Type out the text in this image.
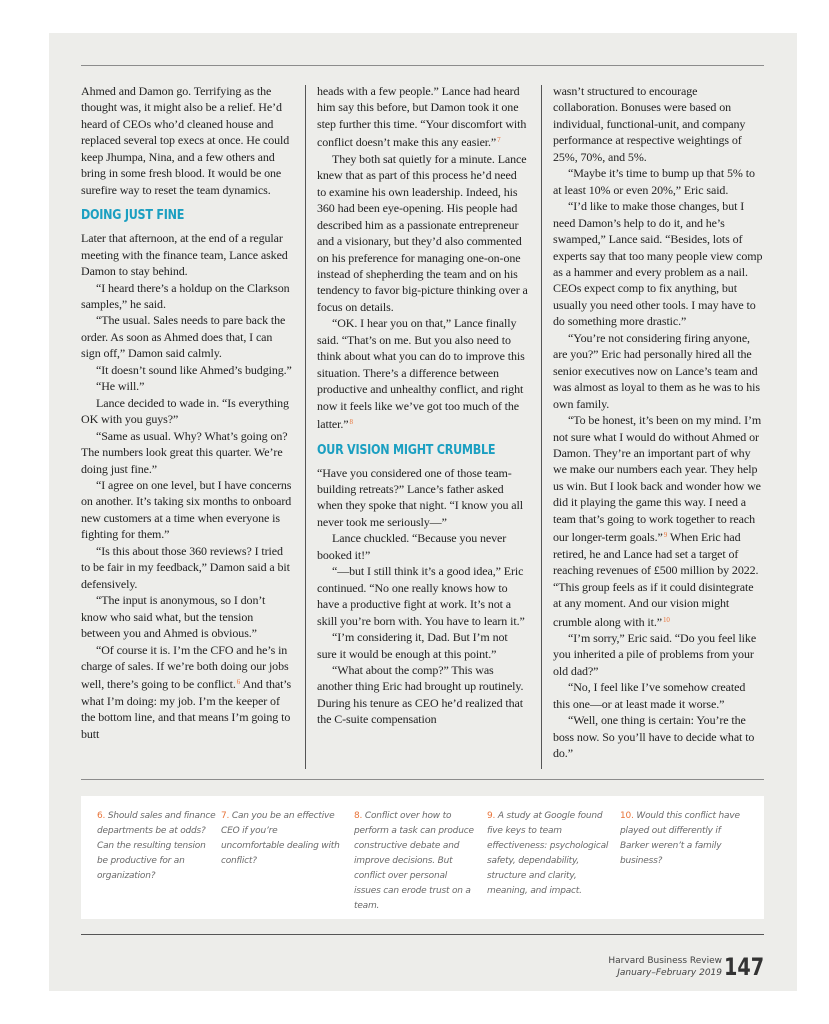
Ahmed and Damon go. Terrifying as the thought was, it might also be a relief. He’d heard of CEOs who’d cleaned house and replaced several top execs at once. He could keep Jhumpa, Nina, and a few others and bring in some fresh blood. It would be one surefire way to reset the team dynamics.

DOING JUST FINE

Later that afternoon, at the end of a regular meeting with the finance team, Lance asked Damon to stay behind.

“I heard there’s a holdup on the Clarkson samples,” he said.

“The usual. Sales needs to pare back the order. As soon as Ahmed does that, I can sign off,” Damon said calmly.

“It doesn’t sound like Ahmed’s budging.”

“He will.”

Lance decided to wade in. “Is everything OK with you guys?”

“Same as usual. Why? What’s going on? The numbers look great this quarter. We’re doing just fine.”

“I agree on one level, but I have concerns on another. It’s taking six months to onboard new customers at a time when everyone is fighting for them.”

“Is this about those 360 reviews? I tried to be fair in my feedback,” Damon said a bit defensively.

“The input is anonymous, so I don’t know who said what, but the tension between you and Ahmed is obvious.”

“Of course it is. I’m the CFO and he’s in charge of sales. If we’re both doing our jobs well, there’s going to be conflict.$^6$ And that’s what I’m doing: my job. I’m the keeper of the bottom line, and that means I’m going to butt

heads with a few people.” Lance had heard him say this before, but Damon took it one step further this time. “Your discomfort with conflict doesn’t make this any easier.”$^7$

They both sat quietly for a minute. Lance knew that as part of this process he’d need to examine his own leadership. Indeed, his 360 had been eye-opening. His people had described him as a passionate entrepreneur and a visionary, but they’d also commented on his preference for managing one-on-one instead of shepherding the team and on his tendency to favor big-picture thinking over a focus on details.

“OK. I hear you on that,” Lance finally said. “That’s on me. But you also need to think about what you can do to improve this situation. There’s a difference between productive and unhealthy conflict, and right now it feels like we’ve got too much of the latter.”$^8$

OUR VISION MIGHT CRUMBLE

“Have you considered one of those team-building retreats?” Lance’s father asked when they spoke that night. “I know you all never took me seriously—”

Lance chuckled. “Because you never booked it!”

“—but I still think it’s a good idea,” Eric continued. “No one really knows how to have a productive fight at work. It’s not a skill you’re born with. You have to learn it.”

“I’m considering it, Dad. But I’m not sure it would be enough at this point.”

“What about the comp?” This was another thing Eric had brought up routinely. During his tenure as CEO he’d realized that the C-suite compensation

wasn’t structured to encourage collaboration. Bonuses were based on individual, functional-unit, and company performance at respective weightings of 25%, 70%, and 5%.

“Maybe it’s time to bump up that 5% to at least 10% or even 20%,” Eric said.

“I’d like to make those changes, but I need Damon’s help to do it, and he’s swamped,” Lance said. “Besides, lots of experts say that too many people view comp as a hammer and every problem as a nail. CEOs expect comp to fix anything, but usually you need other tools. I may have to do something more drastic.”

“You’re not considering firing anyone, are you?” Eric had personally hired all the senior executives now on Lance’s team and was almost as loyal to them as he was to his own family.

“To be honest, it’s been on my mind. I’m not sure what I would do without Ahmed or Damon. They’re an important part of why we make our numbers each year. They help us win. But I look back and wonder how we did it playing the game this way. I need a team that’s going to work together to reach our longer-term goals.”$^9$ When Eric had retired, he and Lance had set a target of reaching revenues of £500 million by 2022. “This group feels as if it could disintegrate at any moment. And our vision might crumble along with it.”$^{10}$

“I’m sorry,” Eric said. “Do you feel like you inherited a pile of problems from your old dad?”

“No, I feel like I’ve somehow created this one—or at least made it worse.”

“Well, one thing is certain: You’re the boss now. So you’ll have to decide what to do.”

6. Should sales and finance departments be at odds? Can the resulting tension be productive for an organization?
7. Can you be an effective CEO if you’re uncomfortable dealing with conflict?
8. Conflict over how to perform a task can produce constructive debate and improve decisions. But conflict over personal issues can erode trust on a team.
9. A study at Google found five keys to team effectiveness: psychological safety, dependability, structure and clarity, meaning, and impact.
10. Would this conflict have played out differently if Barker weren’t a family business?
Harvard Business Review
January–February 2019 147
